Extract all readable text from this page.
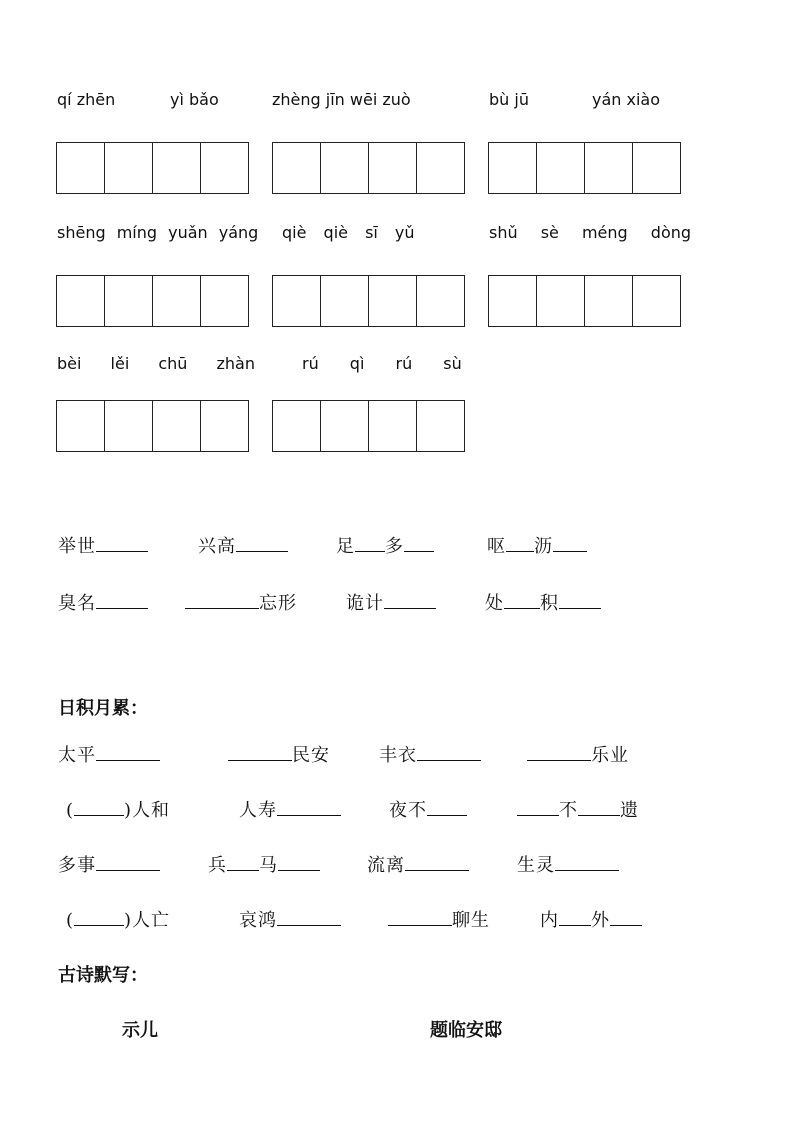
qí zhēn	yì bǎo	zhèng jīn wēi zuò	bù jū	yán xiào
shēng míng yuǎn yáng qiè qiè sī yǔ	shǔ sè méng dòng
bèi lěi chū zhàn	rú qì rú sù
举世	兴高	足 多	呕 沥
臭名	忘形	诡计	处 积
日积月累：
太平	民安	丰衣	乐业
(	)人和	人寿	夜不	不 遗
多事	兵 马	流离	生灵
(	)人亡	哀鸿	聊生	内 外
古诗默写：
示儿	题临安邸
